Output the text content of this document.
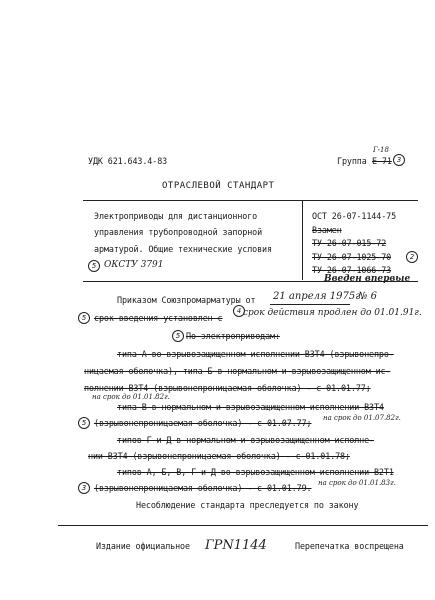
УДК 621.643.4-83	Группа Е 71
Г-18
3
ОТРАСЛЕВОЙ СТАНДАРТ
Электроприводы для дистанционного
управления трубопроводной запорной
арматурой. Общие технические условия
5 ОКСТУ 3791
ОСТ 26-07-1144-75
Взамен
ТУ 26-07-015-72
ТУ 26-07-1025-70	2
ТУ 26-07-1066-73
Введен впервые
Приказом Союзпромарматуры от 21 апреля 1975г.
№ 6
5 срок введения установлен с
4 срок действия продлен до 01.01.91г.
5 По электроприводам:
типа А во взрывозащищенном исполнении ВЗТ4 (взрывонепро-
ницаемая оболочка), типа Б в нормальном и взрывозащищенном ис-
полнении ВЗТ4 (взрывонепроницаемая оболочка) - с 01.01.77;
на срок до 01.01.82г.
типа В в нормальном и взрывозащищенном исполнении ВЗТ4
5 (взрывонепроницаемая оболочка) - с 01.07.77; на срок до 01.07.82г.
типов Г и Д в нормальном и взрывозащищенном исполне-
нии ВЗТ4 (взрывонепроницаемая оболочка) - с 01.01.78;
типов А, Б, В, Г и Д во взрывозащищенном исполнении В2Т1
3 (взрывонепроницаемая оболочка) - с 01.01.79. на срок до 01.01.83г.
Несоблюдение стандарта преследуется по закону
Издание официальное ГРN1144	Перепечатка воспрещена
